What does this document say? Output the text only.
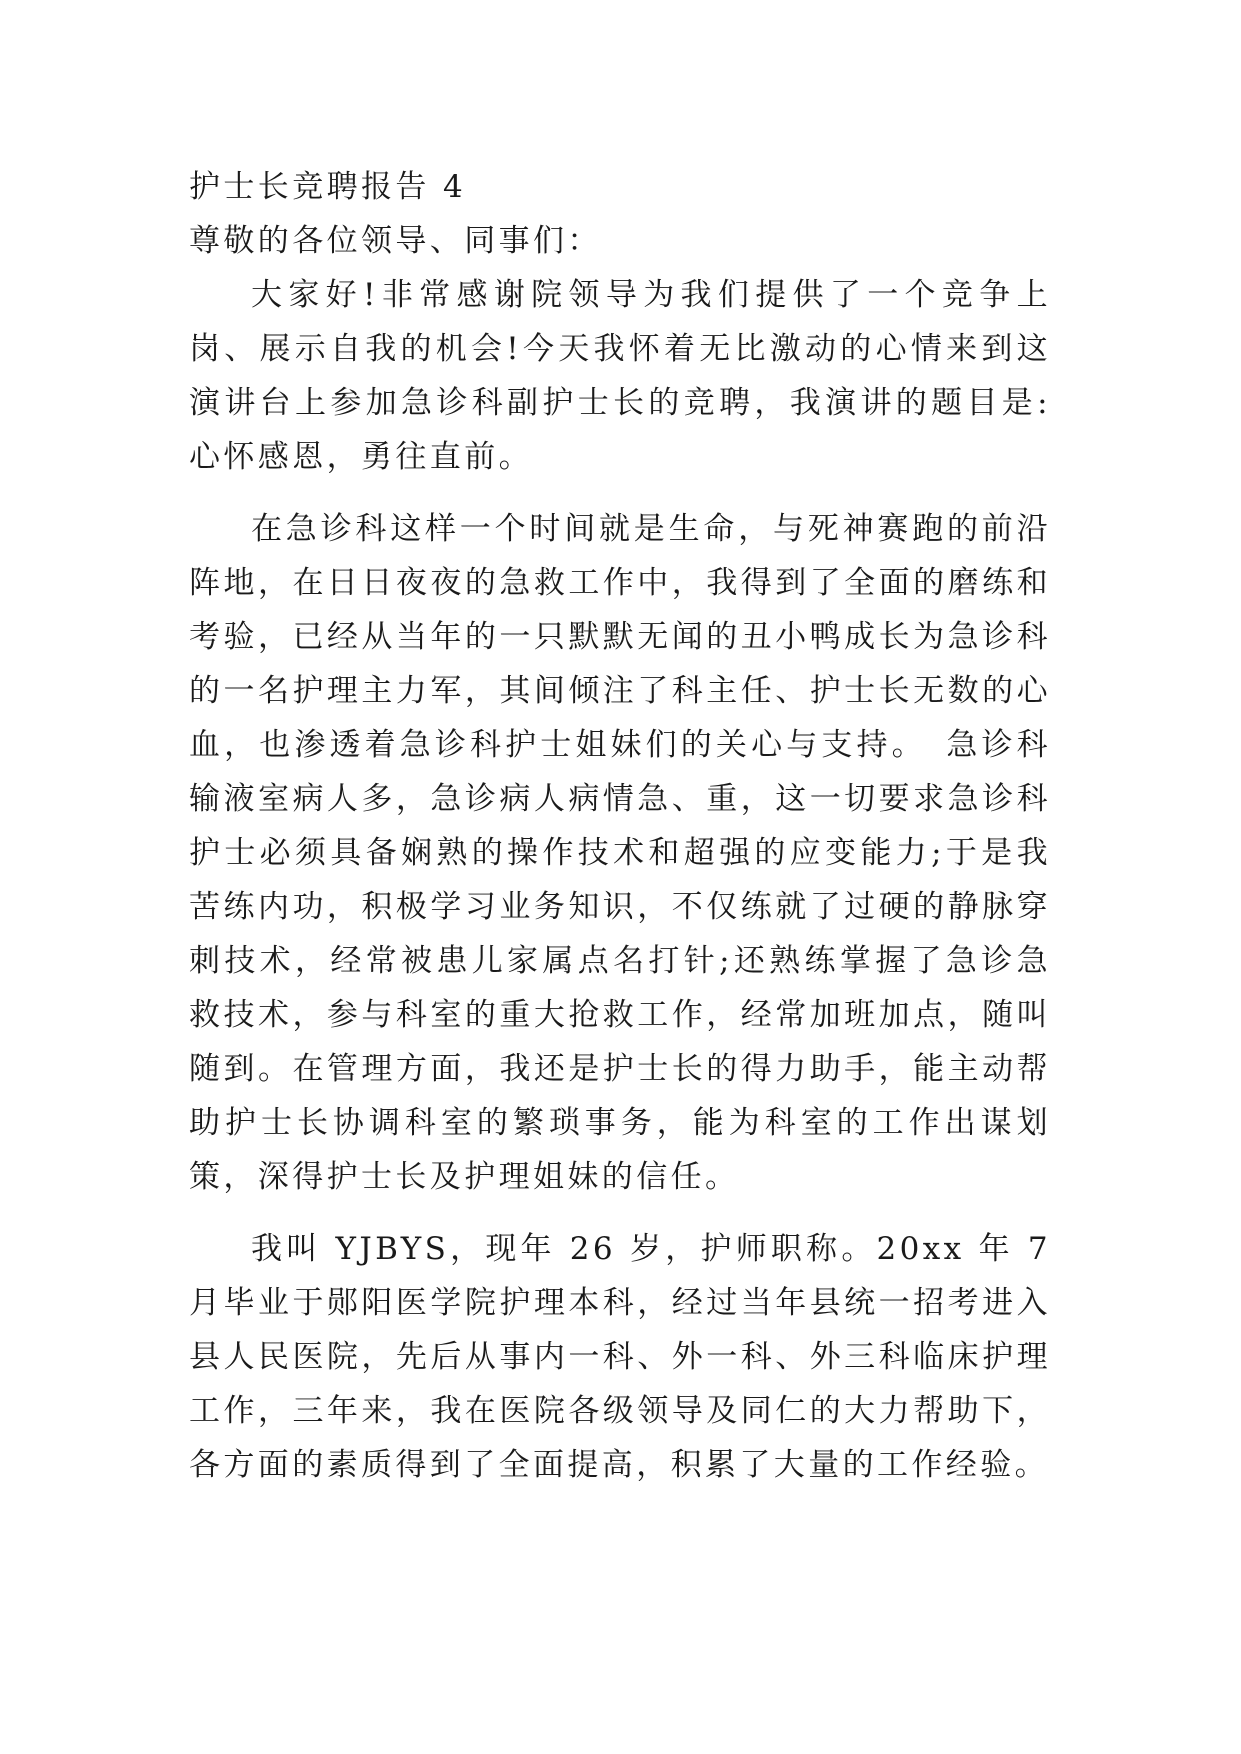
护士长竞聘报告 4

尊敬的各位领导、同事们：

大家好!非常感谢院领导为我们提供了一个竞争上岗、展示自我的机会!今天我怀着无比激动的心情来到这演讲台上参加急诊科副护士长的竞聘，我演讲的题目是: 心怀感恩，勇往直前。

在急诊科这样一个时间就是生命，与死神赛跑的前沿阵地，在日日夜夜的急救工作中，我得到了全面的磨练和考验，已经从当年的一只默默无闻的丑小鸭成长为急诊科的一名护理主力军，其间倾注了科主任、护士长无数的心血，也渗透着急诊科护士姐妹们的关心与支持。　急诊科输液室病人多，急诊病人病情急、重，这一切要求急诊科护士必须具备娴熟的操作技术和超强的应变能力;于是我苦练内功，积极学习业务知识，不仅练就了过硬的静脉穿刺技术，经常被患儿家属点名打针;还熟练掌握了急诊急救技术，参与科室的重大抢救工作，经常加班加点，随叫随到。在管理方面，我还是护士长的得力助手，能主动帮助护士长协调科室的繁琐事务，能为科室的工作出谋划策，深得护士长及护理姐妹的信任。

我叫 YJBYS，现年 26 岁，护师职称。20xx 年 7 月毕业于郧阳医学院护理本科，经过当年县统一招考进入县人民医院，先后从事内一科、外一科、外三科临床护理工作，三年来，我在医院各级领导及同仁的大力帮助下，各方面的素质得到了全面提高，积累了大量的工作经验。
